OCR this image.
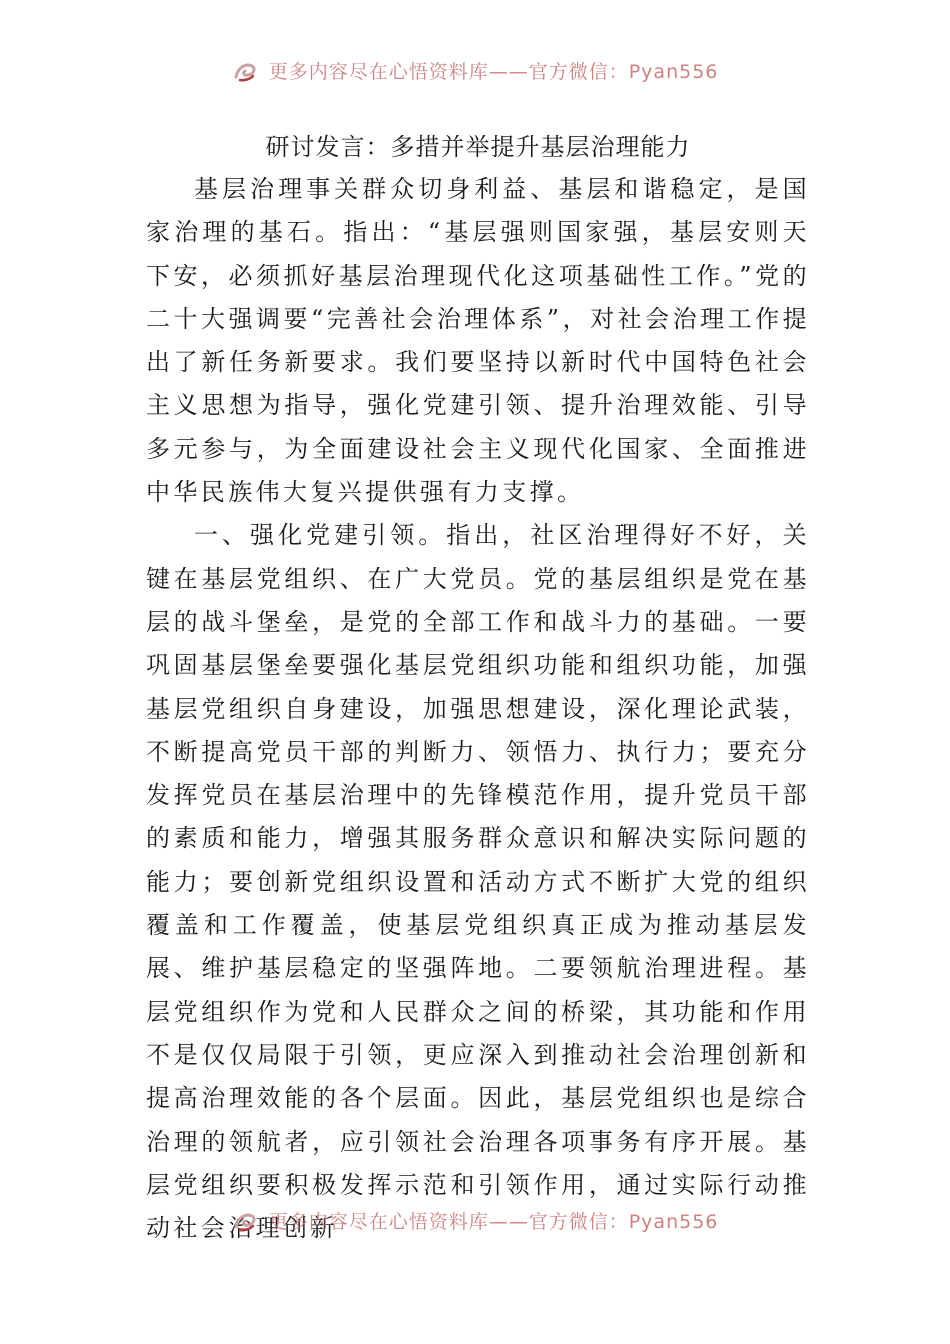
更多内容尽在心悟资料库——官方微信：Pyan556
研讨发言：多措并举提升基层治理能力

基层治理事关群众切身利益、基层和谐稳定，是国家治理的基石。指出：“基层强则国家强，基层安则天下安，必须抓好基层治理现代化这项基础性工作。”党的二十大强调要“完善社会治理体系”，对社会治理工作提出了新任务新要求。我们要坚持以新时代中国特色社会主义思想为指导，强化党建引领、提升治理效能、引导多元参与，为全面建设社会主义现代化国家、全面推进中华民族伟大复兴提供强有力支撑。

一、强化党建引领。指出，社区治理得好不好，关键在基层党组织、在广大党员。党的基层组织是党在基层的战斗堡垒，是党的全部工作和战斗力的基础。一要巩固基层堡垒要强化基层党组织功能和组织功能，加强基层党组织自身建设，加强思想建设，深化理论武装，不断提高党员干部的判断力、领悟力、执行力；要充分发挥党员在基层治理中的先锋模范作用，提升党员干部的素质和能力，增强其服务群众意识和解决实际问题的能力；要创新党组织设置和活动方式不断扩大党的组织覆盖和工作覆盖，使基层党组织真正成为推动基层发展、维护基层稳定的坚强阵地。二要领航治理进程。基层党组织作为党和人民群众之间的桥梁，其功能和作用不是仅仅局限于引领，更应深入到推动社会治理创新和提高治理效能的各个层面。因此，基层党组织也是综合治理的领航者，应引领社会治理各项事务有序开展。基层党组织要积极发挥示范和引领作用，通过实际行动推动社会治理创新

更多内容尽在心悟资料库——官方微信：Pyan556
